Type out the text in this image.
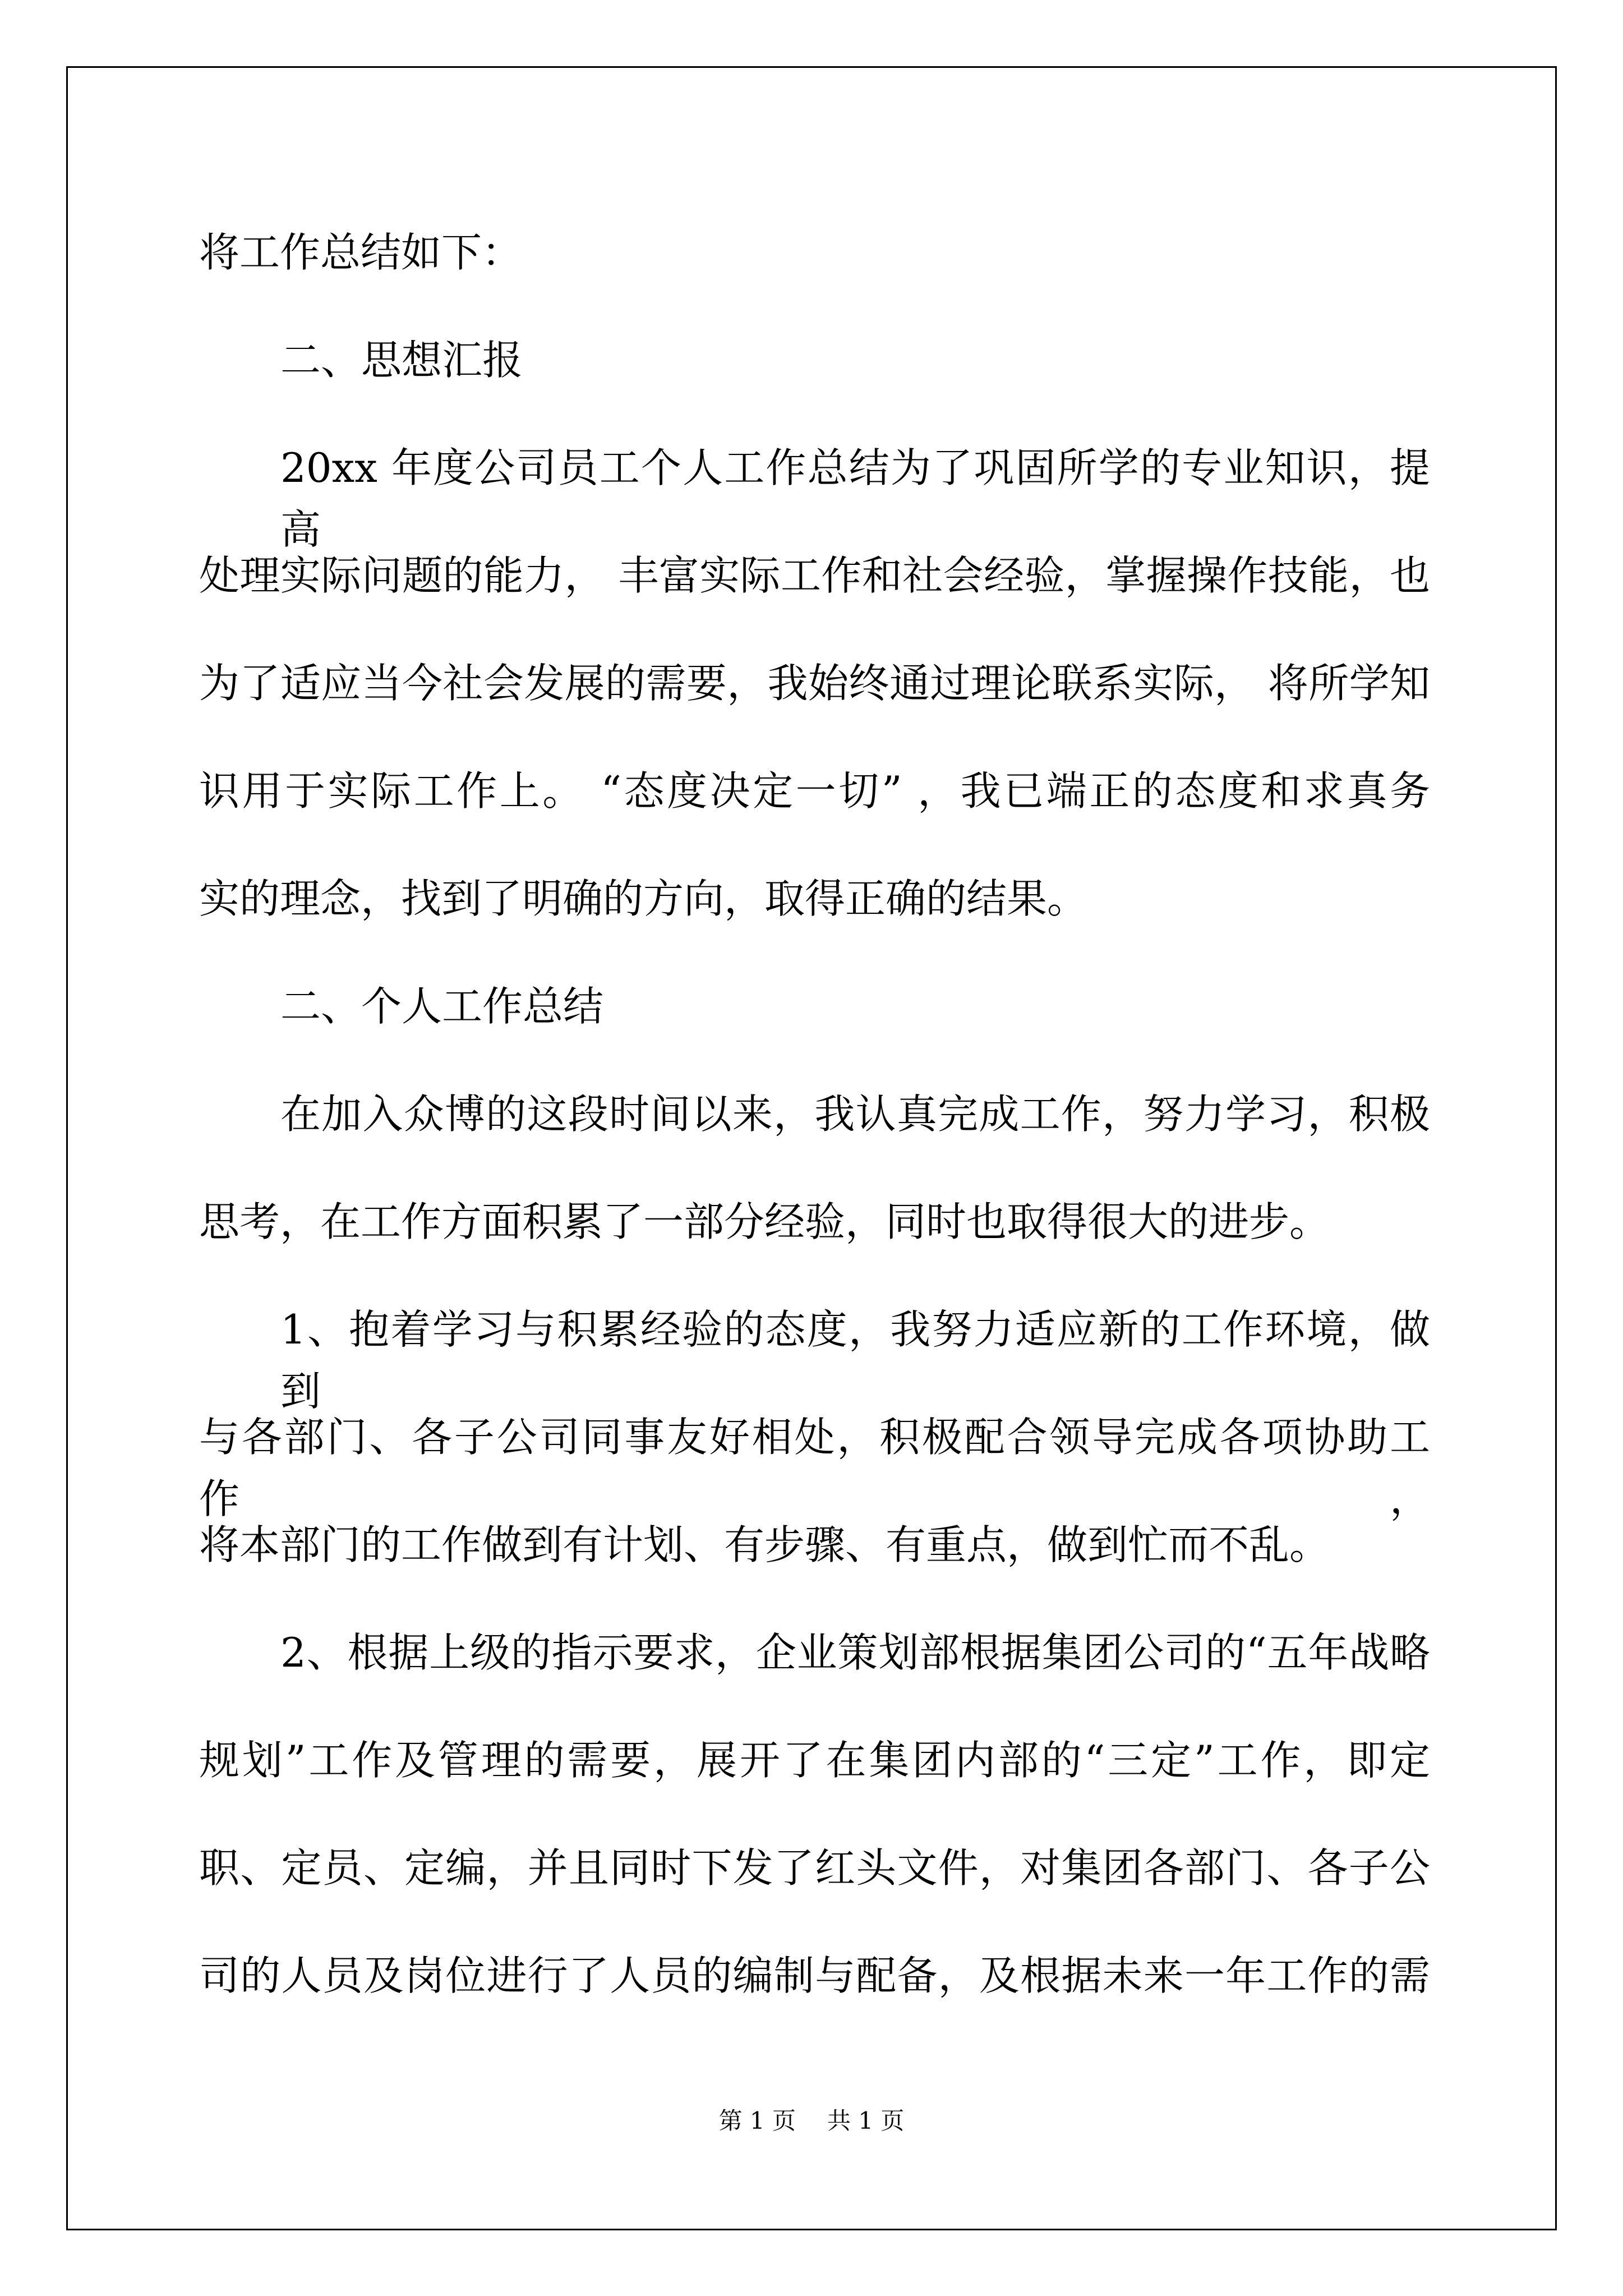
将工作总结如下：
二、思想汇报
20xx 年度公司员工个人工作总结为了巩固所学的专业知识，提高
处理实际问题的能力， 丰富实际工作和社会经验，掌握操作技能，也
为了适应当今社会发展的需要，我始终通过理论联系实际， 将所学知
识用于实际工作上。 “态度决定一切” ，我已端正的态度和求真务
实的理念，找到了明确的方向，取得正确的结果。
二、个人工作总结
在加入众博的这段时间以来，我认真完成工作，努力学习，积极
思考，在工作方面积累了一部分经验，同时也取得很大的进步。
1、抱着学习与积累经验的态度，我努力适应新的工作环境，做到
与各部门、各子公司同事友好相处，积极配合领导完成各项协助工作，
将本部门的工作做到有计划、有步骤、有重点，做到忙而不乱。
2、根据上级的指示要求，企业策划部根据集团公司的“五年战略
规划”工作及管理的需要，展开了在集团内部的“三定”工作，即定
职、定员、定编，并且同时下发了红头文件，对集团各部门、各子公
司的人员及岗位进行了人员的编制与配备，及根据未来一年工作的需
第 1 页 共 1 页
